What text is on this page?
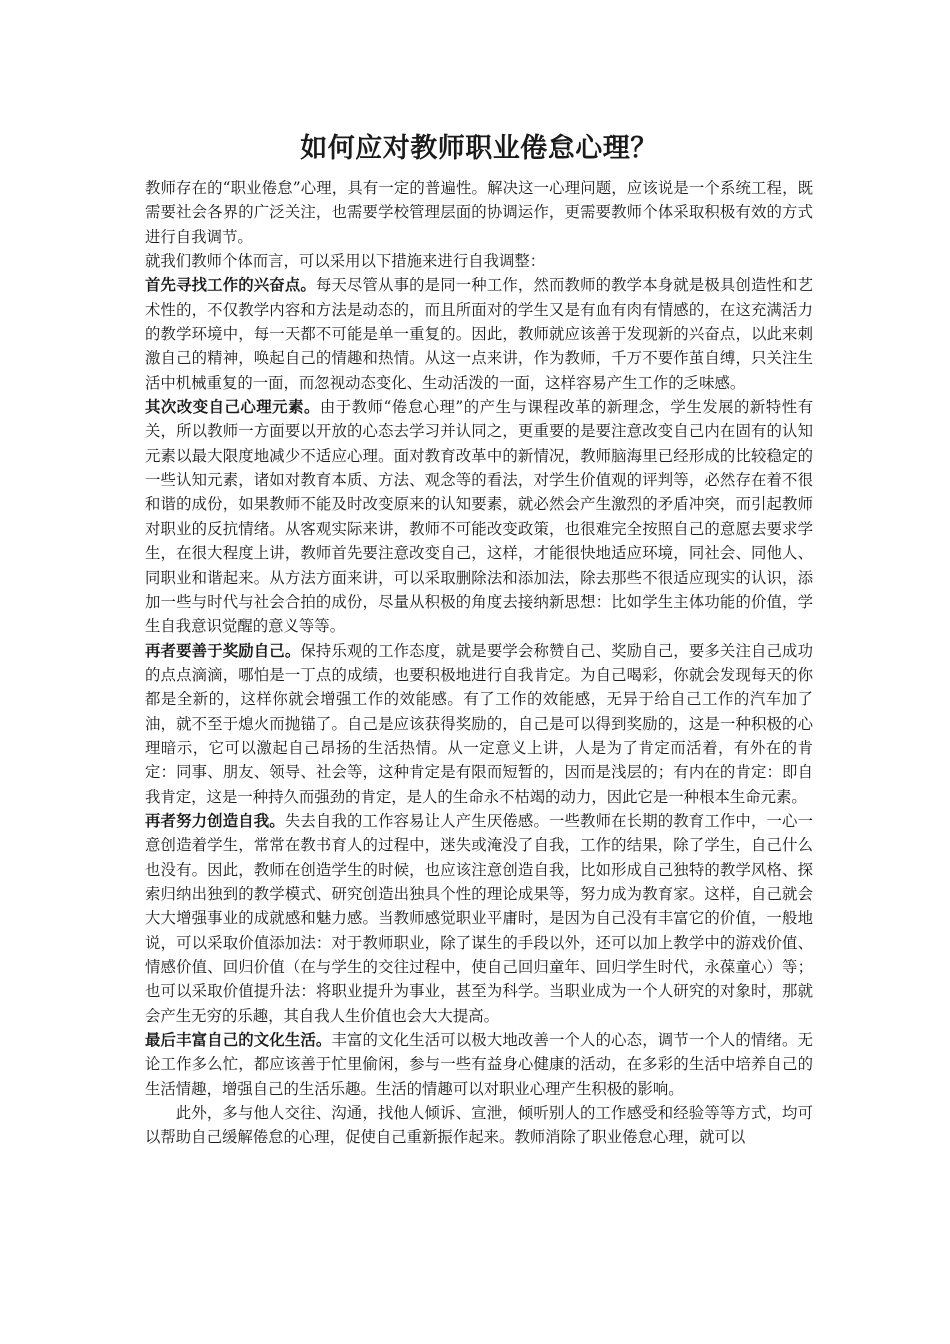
如何应对教师职业倦怠心理？

教师存在的“职业倦怠”心理，具有一定的普遍性。解决这一心理问题，应该说是一个系统工程，既需要社会各界的广泛关注，也需要学校管理层面的协调运作，更需要教师个体采取积极有效的方式进行自我调节。

就我们教师个体而言，可以采用以下措施来进行自我调整：

首先寻找工作的兴奋点。每天尽管从事的是同一种工作，然而教师的教学本身就是极具创造性和艺术性的，不仅教学内容和方法是动态的，而且所面对的学生又是有血有肉有情感的，在这充满活力的教学环境中，每一天都不可能是单一重复的。因此，教师就应该善于发现新的兴奋点，以此来刺激自己的精神，唤起自己的情趣和热情。从这一点来讲，作为教师，千万不要作茧自缚，只关注生活中机械重复的一面，而忽视动态变化、生动活泼的一面，这样容易产生工作的乏味感。

其次改变自己心理元素。由于教师“倦怠心理”的产生与课程改革的新理念，学生发展的新特性有关，所以教师一方面要以开放的心态去学习并认同之，更重要的是要注意改变自己内在固有的认知元素以最大限度地减少不适应心理。面对教育改革中的新情况，教师脑海里已经形成的比较稳定的一些认知元素，诸如对教育本质、方法、观念等的看法，对学生价值观的评判等，必然存在着不很和谐的成份，如果教师不能及时改变原来的认知要素，就必然会产生激烈的矛盾冲突，而引起教师对职业的反抗情绪。从客观实际来讲，教师不可能改变政策，也很难完全按照自己的意愿去要求学生，在很大程度上讲，教师首先要注意改变自己，这样，才能很快地适应环境，同社会、同他人、同职业和谐起来。从方法方面来讲，可以采取删除法和添加法，除去那些不很适应现实的认识，添加一些与时代与社会合拍的成份，尽量从积极的角度去接纳新思想：比如学生主体功能的价值，学生自我意识觉醒的意义等等。

再者要善于奖励自己。保持乐观的工作态度，就是要学会称赞自己、奖励自己，要多关注自己成功的点点滴滴，哪怕是一丁点的成绩，也要积极地进行自我肯定。为自己喝彩，你就会发现每天的你都是全新的，这样你就会增强工作的效能感。有了工作的效能感，无异于给自己工作的汽车加了油，就不至于熄火而抛锚了。自己是应该获得奖励的，自己是可以得到奖励的，这是一种积极的心理暗示，它可以激起自己昂扬的生活热情。从一定意义上讲，人是为了肯定而活着，有外在的肯定：同事、朋友、领导、社会等，这种肯定是有限而短暂的，因而是浅层的；有内在的肯定：即自我肯定，这是一种持久而强劲的肯定，是人的生命永不枯竭的动力，因此它是一种根本生命元素。

再者努力创造自我。失去自我的工作容易让人产生厌倦感。一些教师在长期的教育工作中，一心一意创造着学生，常常在教书育人的过程中，迷失或淹没了自我，工作的结果，除了学生，自己什么也没有。因此，教师在创造学生的时候，也应该注意创造自我，比如形成自己独特的教学风格、探索归纳出独到的教学模式、研究创造出独具个性的理论成果等，努力成为教育家。这样，自己就会大大增强事业的成就感和魅力感。当教师感觉职业平庸时，是因为自己没有丰富它的价值，一般地说，可以采取价值添加法：对于教师职业，除了谋生的手段以外，还可以加上教学中的游戏价值、情感价值、回归价值（在与学生的交往过程中，使自己回归童年、回归学生时代，永葆童心）等；也可以采取价值提升法：将职业提升为事业，甚至为科学。当职业成为一个人研究的对象时，那就会产生无穷的乐趣，其自我人生价值也会大大提高。

最后丰富自己的文化生活。丰富的文化生活可以极大地改善一个人的心态，调节一个人的情绪。无论工作多么忙，都应该善于忙里偷闲，参与一些有益身心健康的活动，在多彩的生活中培养自己的生活情趣，增强自己的生活乐趣。生活的情趣可以对职业心理产生积极的影响。

此外，多与他人交往、沟通，找他人倾诉、宣泄，倾听别人的工作感受和经验等等方式，均可以帮助自己缓解倦怠的心理，促使自己重新振作起来。教师消除了职业倦怠心理，就可以
